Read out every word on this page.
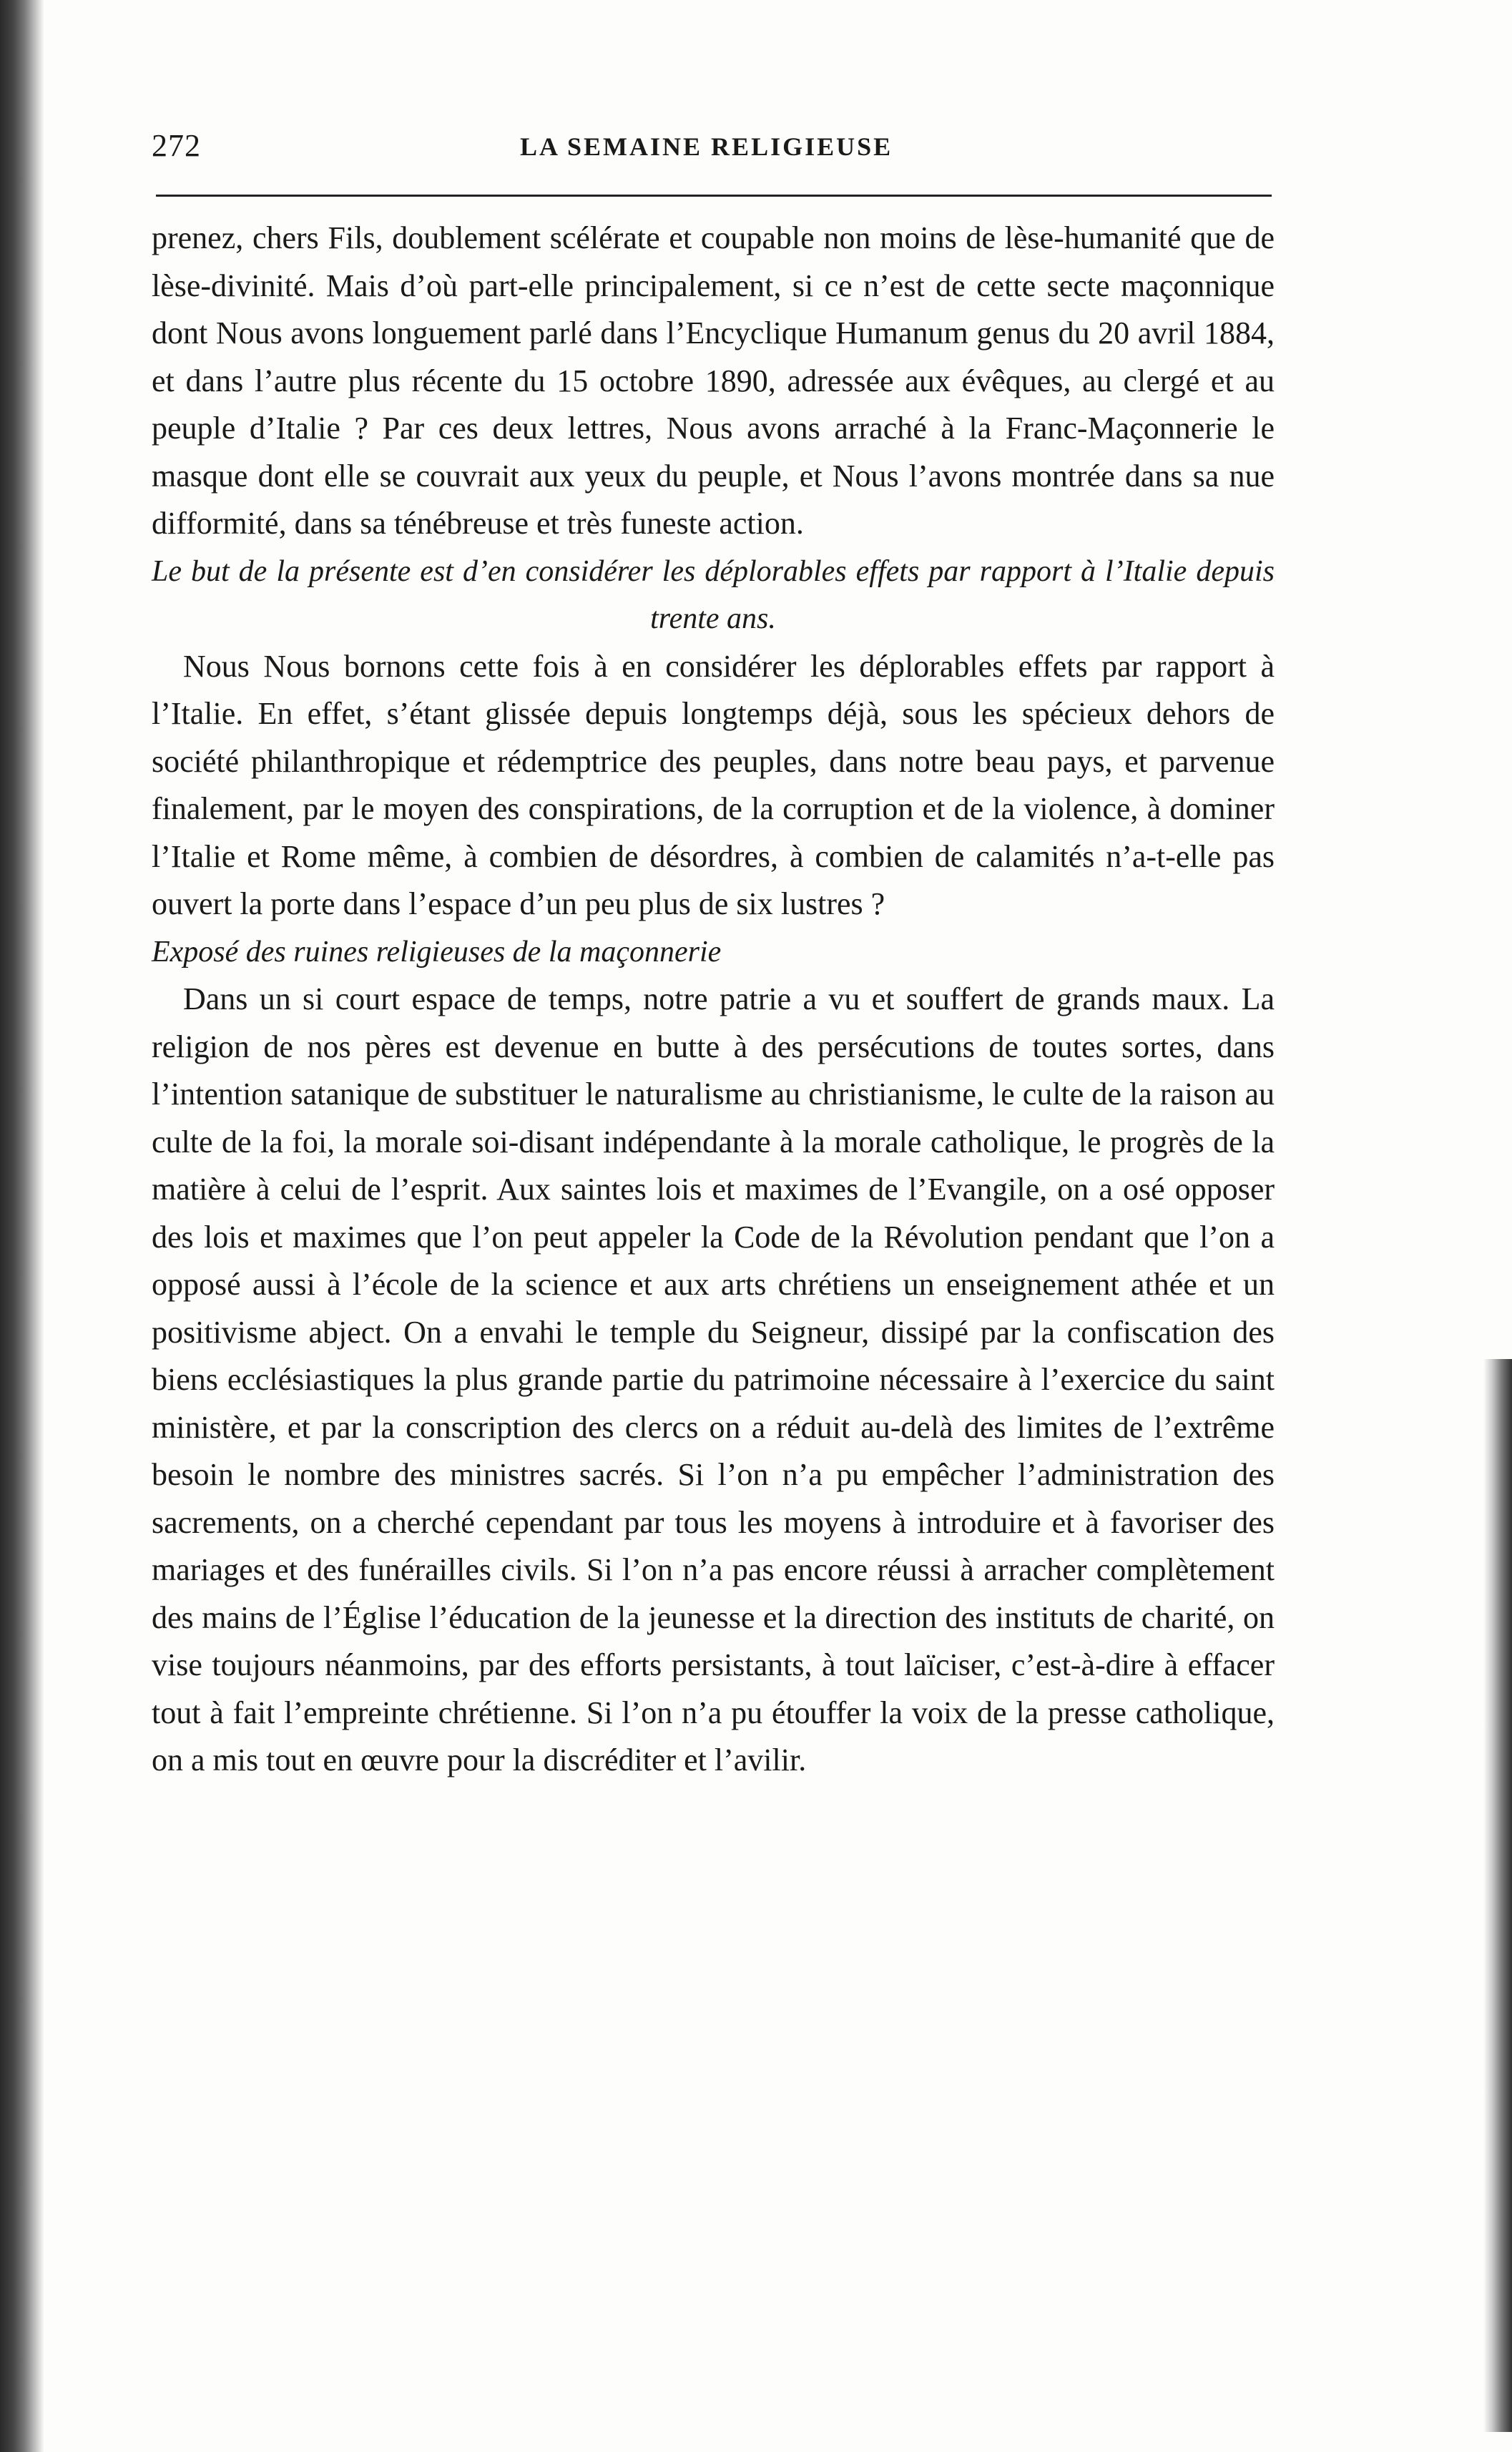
272	LA SEMAINE RELIGIEUSE

prenez, chers Fils, doublement scélérate et coupable non moins de lèse-humanité que de lèse-divinité. Mais d’où part-elle principalement, si ce n’est de cette secte maçonnique dont Nous avons longuement parlé dans l’Encyclique Humanum genus du 20 avril 1884, et dans l’autre plus récente du 15 octobre 1890, adressée aux évêques, au clergé et au peuple d’Italie ? Par ces deux lettres, Nous avons arraché à la Franc-Maçonnerie le masque dont elle se couvrait aux yeux du peuple, et Nous l’avons montrée dans sa nue difformité, dans sa ténébreuse et très funeste action.

Le but de la présente est d’en considérer les déplorables effets par rapport à l’Italie depuis trente ans.

Nous Nous bornons cette fois à en considérer les déplorables effets par rapport à l’Italie. En effet, s’étant glissée depuis longtemps déjà, sous les spécieux dehors de société philanthropique et rédemptrice des peuples, dans notre beau pays, et parvenue finalement, par le moyen des conspirations, de la corruption et de la violence, à dominer l’Italie et Rome même, à combien de désordres, à combien de calamités n’a-t-elle pas ouvert la porte dans l’espace d’un peu plus de six lustres ?

Exposé des ruines religieuses de la maçonnerie

Dans un si court espace de temps, notre patrie a vu et souffert de grands maux. La religion de nos pères est devenue en butte à des persécutions de toutes sortes, dans l’intention satanique de substituer le naturalisme au christianisme, le culte de la raison au culte de la foi, la morale soi-disant indépendante à la morale catholique, le progrès de la matière à celui de l’esprit. Aux saintes lois et maximes de l’Evangile, on a osé opposer des lois et maximes que l’on peut appeler la Code de la Révolution pendant que l’on a opposé aussi à l’école de la science et aux arts chrétiens un enseignement athée et un positivisme abject. On a envahi le temple du Seigneur, dissipé par la confiscation des biens ecclésiastiques la plus grande partie du patrimoine nécessaire à l’exercice du saint ministère, et par la conscription des clercs on a réduit au-delà des limites de l’extrême besoin le nombre des ministres sacrés. Si l’on n’a pu empêcher l’administration des sacrements, on a cherché cependant par tous les moyens à introduire et à favoriser des mariages et des funérailles civils. Si l’on n’a pas encore réussi à arracher complètement des mains de l’Église l’éducation de la jeunesse et la direction des instituts de charité, on vise toujours néanmoins, par des efforts persistants, à tout laïciser, c’est-à-dire à effacer tout à fait l’empreinte chrétienne. Si l’on n’a pu étouffer la voix de la presse catholique, on a mis tout en œuvre pour la discréditer et l’avilir.
